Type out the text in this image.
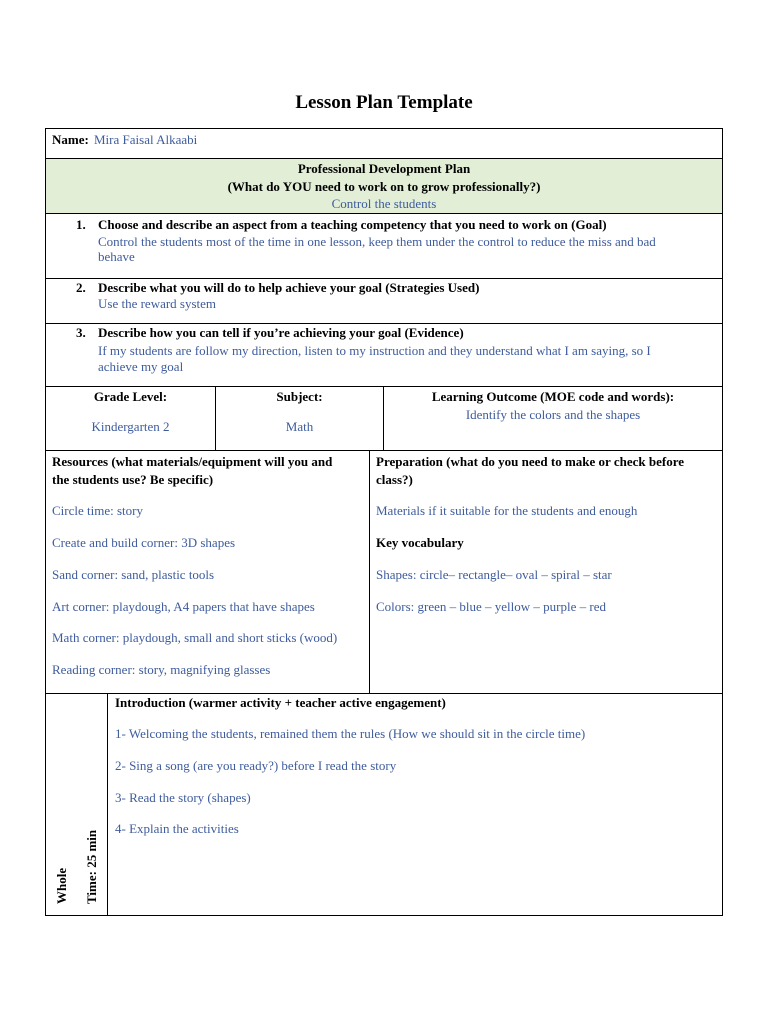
Lesson Plan Template
Name: Mira Faisal Alkaabi
Professional Development Plan
(What do YOU need to work on to grow professionally?)
Control the students
1. Choose and describe an aspect from a teaching competency that you need to work on (Goal)
Control the students most of the time in one lesson, keep them under the control to reduce the miss and bad
behave
2. Describe what you will do to help achieve your goal (Strategies Used)
Use the reward system
3. Describe how you can tell if you’re achieving your goal (Evidence)
If my students are follow my direction, listen to my instruction and they understand what I am saying, so I
achieve my goal
Grade Level:
Kindergarten 2
Subject:
Math
Learning Outcome (MOE code and words):
Identify the colors and the shapes
Resources (what materials/equipment will you and
the students use? Be specific)
Circle time: story
Create and build corner: 3D shapes
Sand corner: sand, plastic tools
Art corner: playdough, A4 papers that have shapes
Math corner: playdough, small and short sticks (wood)
Reading corner: story, magnifying glasses
Preparation (what do you need to make or check before
class?)
Materials if it suitable for the students and enough
Key vocabulary
Shapes: circle– rectangle– oval – spiral – star
Colors: green – blue – yellow – purple – red
Whole Time: 25 min
Introduction (warmer activity + teacher active engagement)
1- Welcoming the students, remained them the rules (How we should sit in the circle time)
2- Sing a song (are you ready?) before I read the story
3- Read the story (shapes)
4- Explain the activities
